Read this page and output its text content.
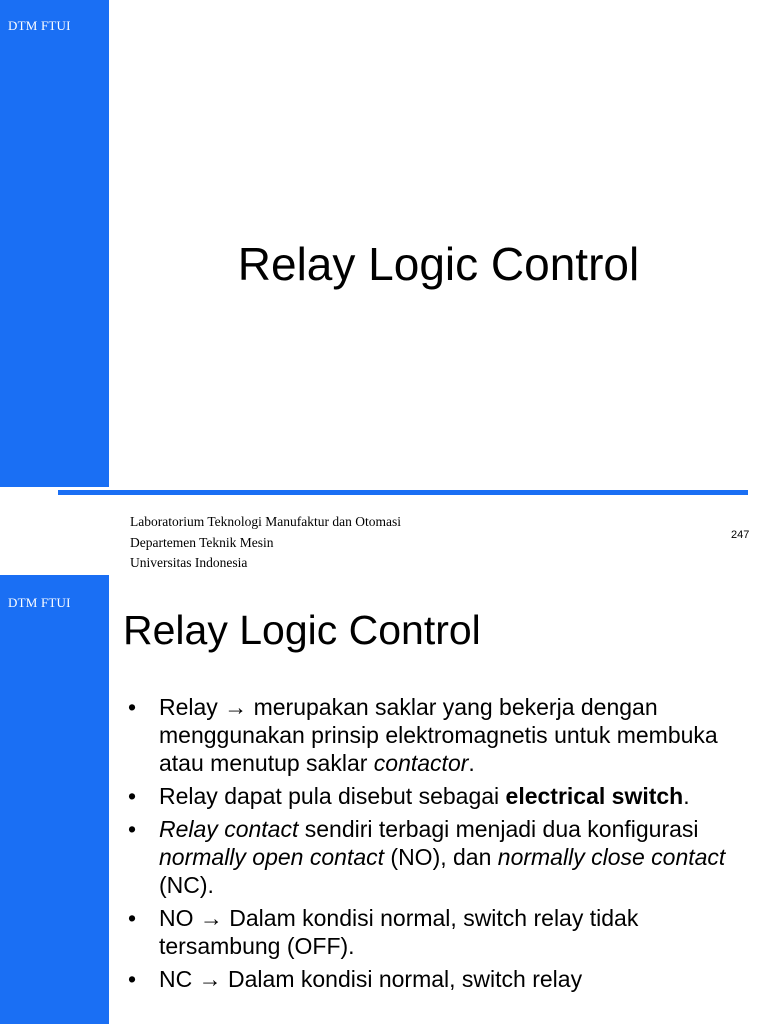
DTM FTUI
Relay Logic Control
Laboratorium Teknologi Manufaktur dan Otomasi
Departemen Teknik Mesin
Universitas Indonesia
247
DTM FTUI
Relay Logic Control
• Relay → merupakan saklar yang bekerja dengan menggunakan prinsip elektromagnetis untuk membuka atau menutup saklar contactor.
• Relay dapat pula disebut sebagai electrical switch.
• Relay contact sendiri terbagi menjadi dua konfigurasi normally open contact (NO), dan normally close contact (NC).
• NO → Dalam kondisi normal, switch relay tidak tersambung (OFF).
• NC → Dalam kondisi normal, switch relay
